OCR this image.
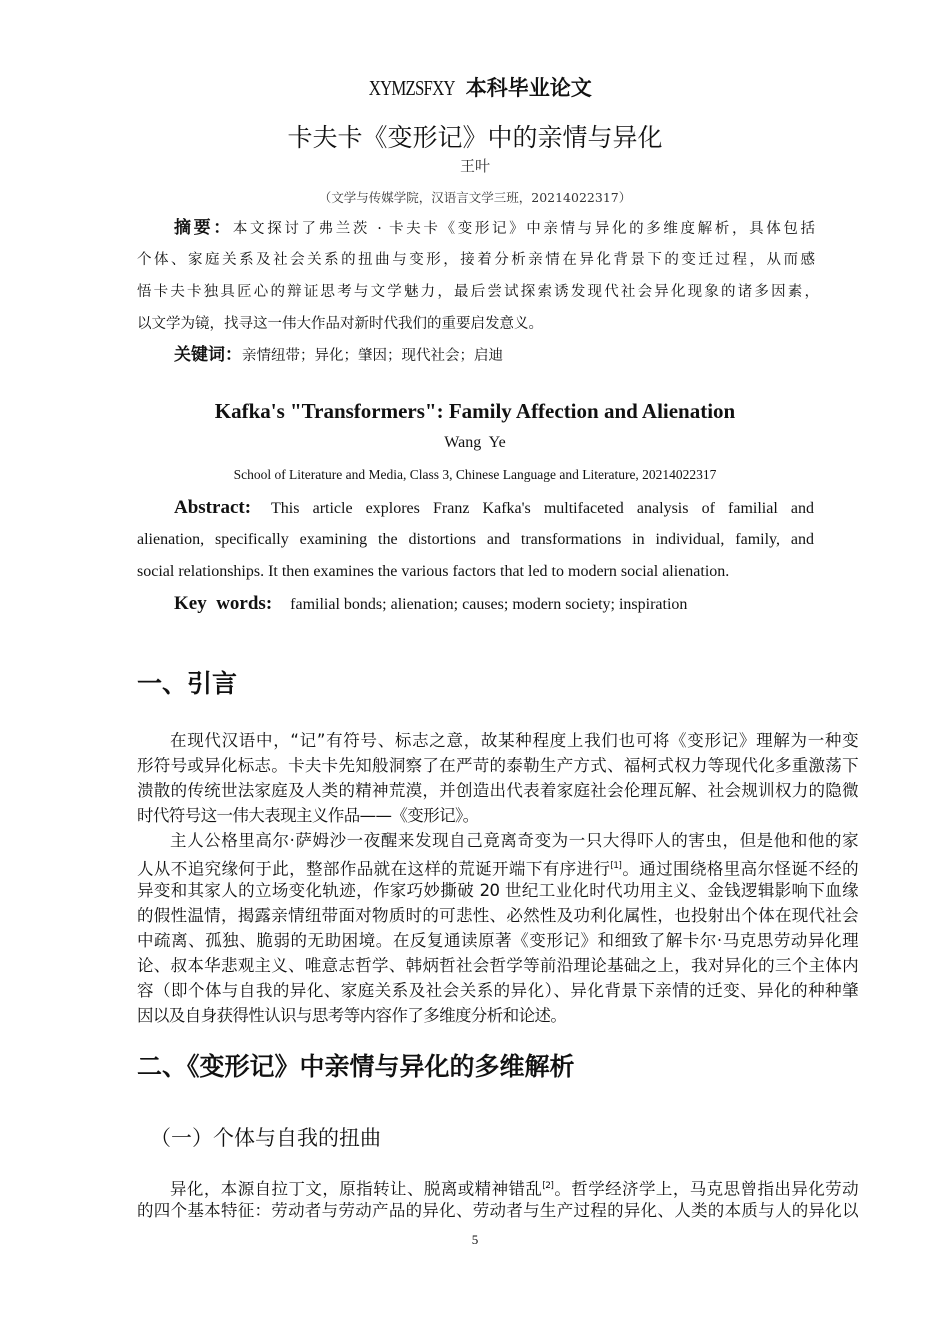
XYMZSFXY 本科毕业论文
卡夫卡《变形记》中的亲情与异化
王叶
（文学与传媒学院，汉语言文学三班，20214022317）
摘要：本文探讨了弗兰茨 · 卡夫卡《变形记》中亲情与异化的多维度解析，具体包括
个体、家庭关系及社会关系的扭曲与变形，接着分析亲情在异化背景下的变迁过程，从而感
悟卡夫卡独具匠心的辩证思考与文学魅力，最后尝试探索诱发现代社会异化现象的诸多因素，
以文学为镜，找寻这一伟大作品对新时代我们的重要启发意义。
关键词：亲情纽带；异化；肇因；现代社会；启迪
Kafka's "Transformers": Family Affection and Alienation
Wang  Ye
School of Literature and Media, Class 3, Chinese Language and Literature, 20214022317
Abstract: This article explores Franz Kafka's multifaceted analysis of familial and
alienation, specifically examining the distortions and transformations in individual, family, and
social relationships. It then examines the various factors that led to modern social alienation.
Key  words: familial bonds; alienation; causes; modern society; inspiration
一、引言
在现代汉语中，“记”有符号、标志之意，故某种程度上我们也可将《变形记》理解为一种变
形符号或异化标志。卡夫卡先知般洞察了在严苛的泰勒生产方式、福柯式权力等现代化多重激荡下
溃散的传统世法家庭及人类的精神荒漠，并创造出代表着家庭社会伦理瓦解、社会规训权力的隐微
时代符号这一伟大表现主义作品——《变形记》。
主人公格里高尔·萨姆沙一夜醒来发现自己竟离奇变为一只大得吓人的害虫，但是他和他的家
人从不追究缘何于此，整部作品就在这样的荒诞开端下有序进行[1]。通过围绕格里高尔怪诞不经的
异变和其家人的立场变化轨迹，作家巧妙撕破 20 世纪工业化时代功用主义、金钱逻辑影响下血缘
的假性温情，揭露亲情纽带面对物质时的可悲性、必然性及功利化属性，也投射出个体在现代社会
中疏离、孤独、脆弱的无助困境。在反复通读原著《变形记》和细致了解卡尔·马克思劳动异化理
论、叔本华悲观主义、唯意志哲学、韩炳哲社会哲学等前沿理论基础之上，我对异化的三个主体内
容（即个体与自我的异化、家庭关系及社会关系的异化）、异化背景下亲情的迁变、异化的种种肇
因以及自身获得性认识与思考等内容作了多维度分析和论述。
二、《变形记》中亲情与异化的多维解析
（一）个体与自我的扭曲
异化，本源自拉丁文，原指转让、脱离或精神错乱[2]。哲学经济学上，马克思曾指出异化劳动
的四个基本特征：劳动者与劳动产品的异化、劳动者与生产过程的异化、人类的本质与人的异化以
5
